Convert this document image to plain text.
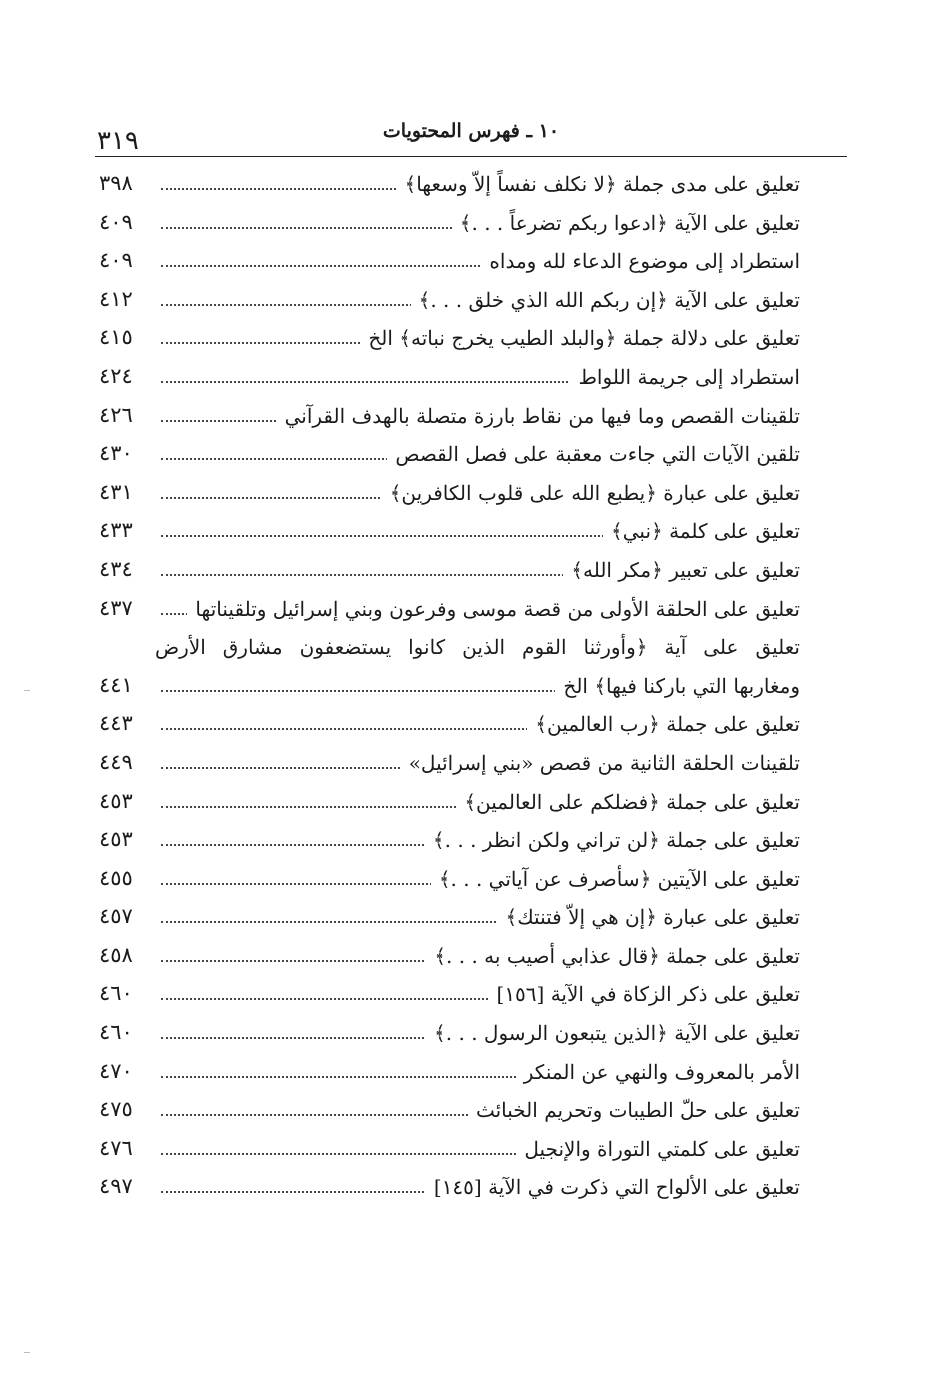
١٠ ـ فهرس المحتويات
٣١٩
تعليق على مدى جملة ﴿لا نكلف نفساً إلاّ وسعها﴾
٣٩٨
تعليق على الآية ﴿ادعوا ربكم تضرعاً . . .﴾
٤٠٩
استطراد إلى موضوع الدعاء لله ومداه
٤٠٩
تعليق على الآية ﴿إن ربكم الله الذي خلق . . .﴾
٤١٢
تعليق على دلالة جملة ﴿والبلد الطيب يخرج نباته﴾ الخ
٤١٥
استطراد إلى جريمة اللواط
٤٢٤
تلقينات القصص وما فيها من نقاط بارزة متصلة بالهدف القرآني
٤٢٦
تلقين الآيات التي جاءت معقبة على فصل القصص
٤٣٠
تعليق على عبارة ﴿يطبع الله على قلوب الكافرين﴾
٤٣١
تعليق على كلمة ﴿نبي﴾
٤٣٣
تعليق على تعبير ﴿مكر الله﴾
٤٣٤
تعليق على الحلقة الأولى من قصة موسى وفرعون وبني إسرائيل وتلقيناتها
٤٣٧
تعليق على آية ﴿وأورثنا القوم الذين كانوا يستضعفون مشارق الأرض
ومغاربها التي باركنا فيها﴾ الخ
٤٤١
تعليق على جملة ﴿رب العالمين﴾
٤٤٣
تلقينات الحلقة الثانية من قصص «بني إسرائيل»
٤٤٩
تعليق على جملة ﴿فضلكم على العالمين﴾
٤٥٣
تعليق على جملة ﴿لن تراني ولكن انظر . . .﴾
٤٥٣
تعليق على الآيتين ﴿سأصرف عن آياتي . . .﴾
٤٥٥
تعليق على عبارة ﴿إن هي إلاّ فتنتك﴾
٤٥٧
تعليق على جملة ﴿قال عذابي أصيب به . . .﴾
٤٥٨
تعليق على ذكر الزكاة في الآية [١٥٦]
٤٦٠
تعليق على الآية ﴿الذين يتبعون الرسول . . .﴾
٤٦٠
الأمر بالمعروف والنهي عن المنكر
٤٧٠
تعليق على حلّ الطيبات وتحريم الخبائث
٤٧٥
تعليق على كلمتي التوراة والإنجيل
٤٧٦
تعليق على الألواح التي ذكرت في الآية [١٤٥]
٤٩٧
